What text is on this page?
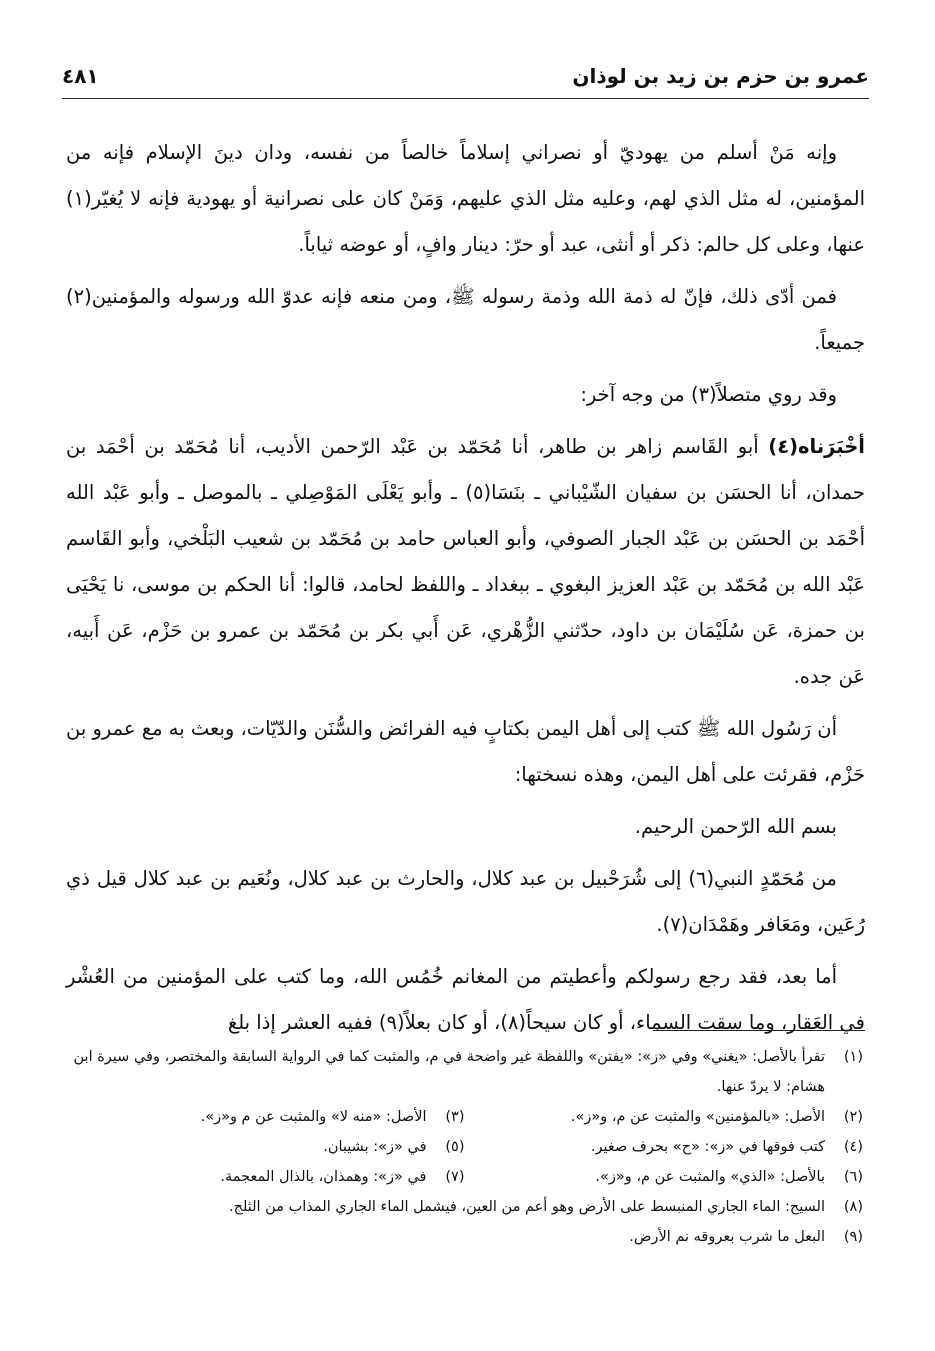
عمرو بن حزم بن زيد بن لوذان
٤٨١

وإنه مَنْ أسلم من يهوديّ أو نصراني إسلاماً خالصاً من نفسه، ودان دينَ الإسلام فإنه من المؤمنين، له مثل الذي لهم، وعليه مثل الذي عليهم، وَمَنْ كان على نصرانية أو يهودية فإنه لا يُغيّر(١) عنها، وعلى كل حالم: ذكر أو أنثى، عبد أو حرّ: دينار وافٍ، أو عوضه ثياباً.

فمن أدّى ذلك، فإنّ له ذمة الله وذمة رسوله ﷺ، ومن منعه فإنه عدوّ الله ورسوله والمؤمنين(٢) جميعاً.

وقد روي متصلاً(٣) من وجه آخر:

أخْبَرَناه(٤) أبو القَاسم زاهر بن طاهر، أنا مُحَمّد بن عَبْد الرّحمن الأديب، أنا مُحَمّد بن أحْمَد بن حمدان، أنا الحسَن بن سفيان الشّيْباني ـ بنَسَا(٥) ـ وأبو يَعْلَى المَوْصِلي ـ بالموصل ـ وأبو عَبْد الله أحْمَد بن الحسَن بن عَبْد الجبار الصوفي، وأبو العباس حامد بن مُحَمّد بن شعيب البَلْخي، وأبو القَاسم عَبْد الله بن مُحَمّد بن عَبْد العزيز البغوي ـ ببغداد ـ واللفظ لحامد، قالوا: أنا الحكم بن موسى، نا يَحْيَى بن حمزة، عَن سُلَيْمَان بن داود، حدّثني الزُّهْري، عَن أَبي بكر بن مُحَمّد بن عمرو بن حَزْم، عَن أَبيه، عَن جده.

أن رَسُول الله ﷺ كتب إلى أهل اليمن بكتابٍ فيه الفرائض والسُّنَن والدّيّات، وبعث به مع عمرو بن حَزْم، فقرئت على أهل اليمن، وهذه نسختها:

بسم الله الرّحمن الرحيم.

من مُحَمّدٍ النبي(٦) إلى شُرَحْبيل بن عبد كلال، والحارث بن عبد كلال، ونُعَيم بن عبد كلال قيل ذي رُعَين، ومَعَافر وهَمْدَان(٧).

أما بعد، فقد رجع رسولكم وأعطيتم من المغانم خُمُس الله، وما كتب على المؤمنين من العُشْر في العَقار، وما سقت السماء، أو كان سيحاً(٨)، أو كان بعلاً(٩) ففيه العشر إذا بلغ

(١)
تقرأ بالأصل: «يغني» وفي «ز»: «يفتن» واللفظة غير واضحة في م، والمثبت كما في الرواية السابقة والمختصر، وفي سيرة ابن هشام: لا يردّ عنها.
(٢)
الأصل: «بالمؤمنين» والمثبت عن م، و«ز».
(٣)
الأصل: «منه لا» والمثبت عن م و«ز».
(٤)
كتب فوقها في «ز»: «ح» بحرف صغير.
(٥)
في «ز»: بشيبان.
(٦)
بالأصل: «الذي» والمثبت عن م، و«ز».
(٧)
في «ز»: وهمذان، بالذال المعجمة.
(٨)
السيح: الماء الجاري المنبسط على الأرض وهو أعم من العين، فيشمل الماء الجاري المذاب من الثلج.
(٩)
البعل ما شرب بعروقه نم الأرض.
